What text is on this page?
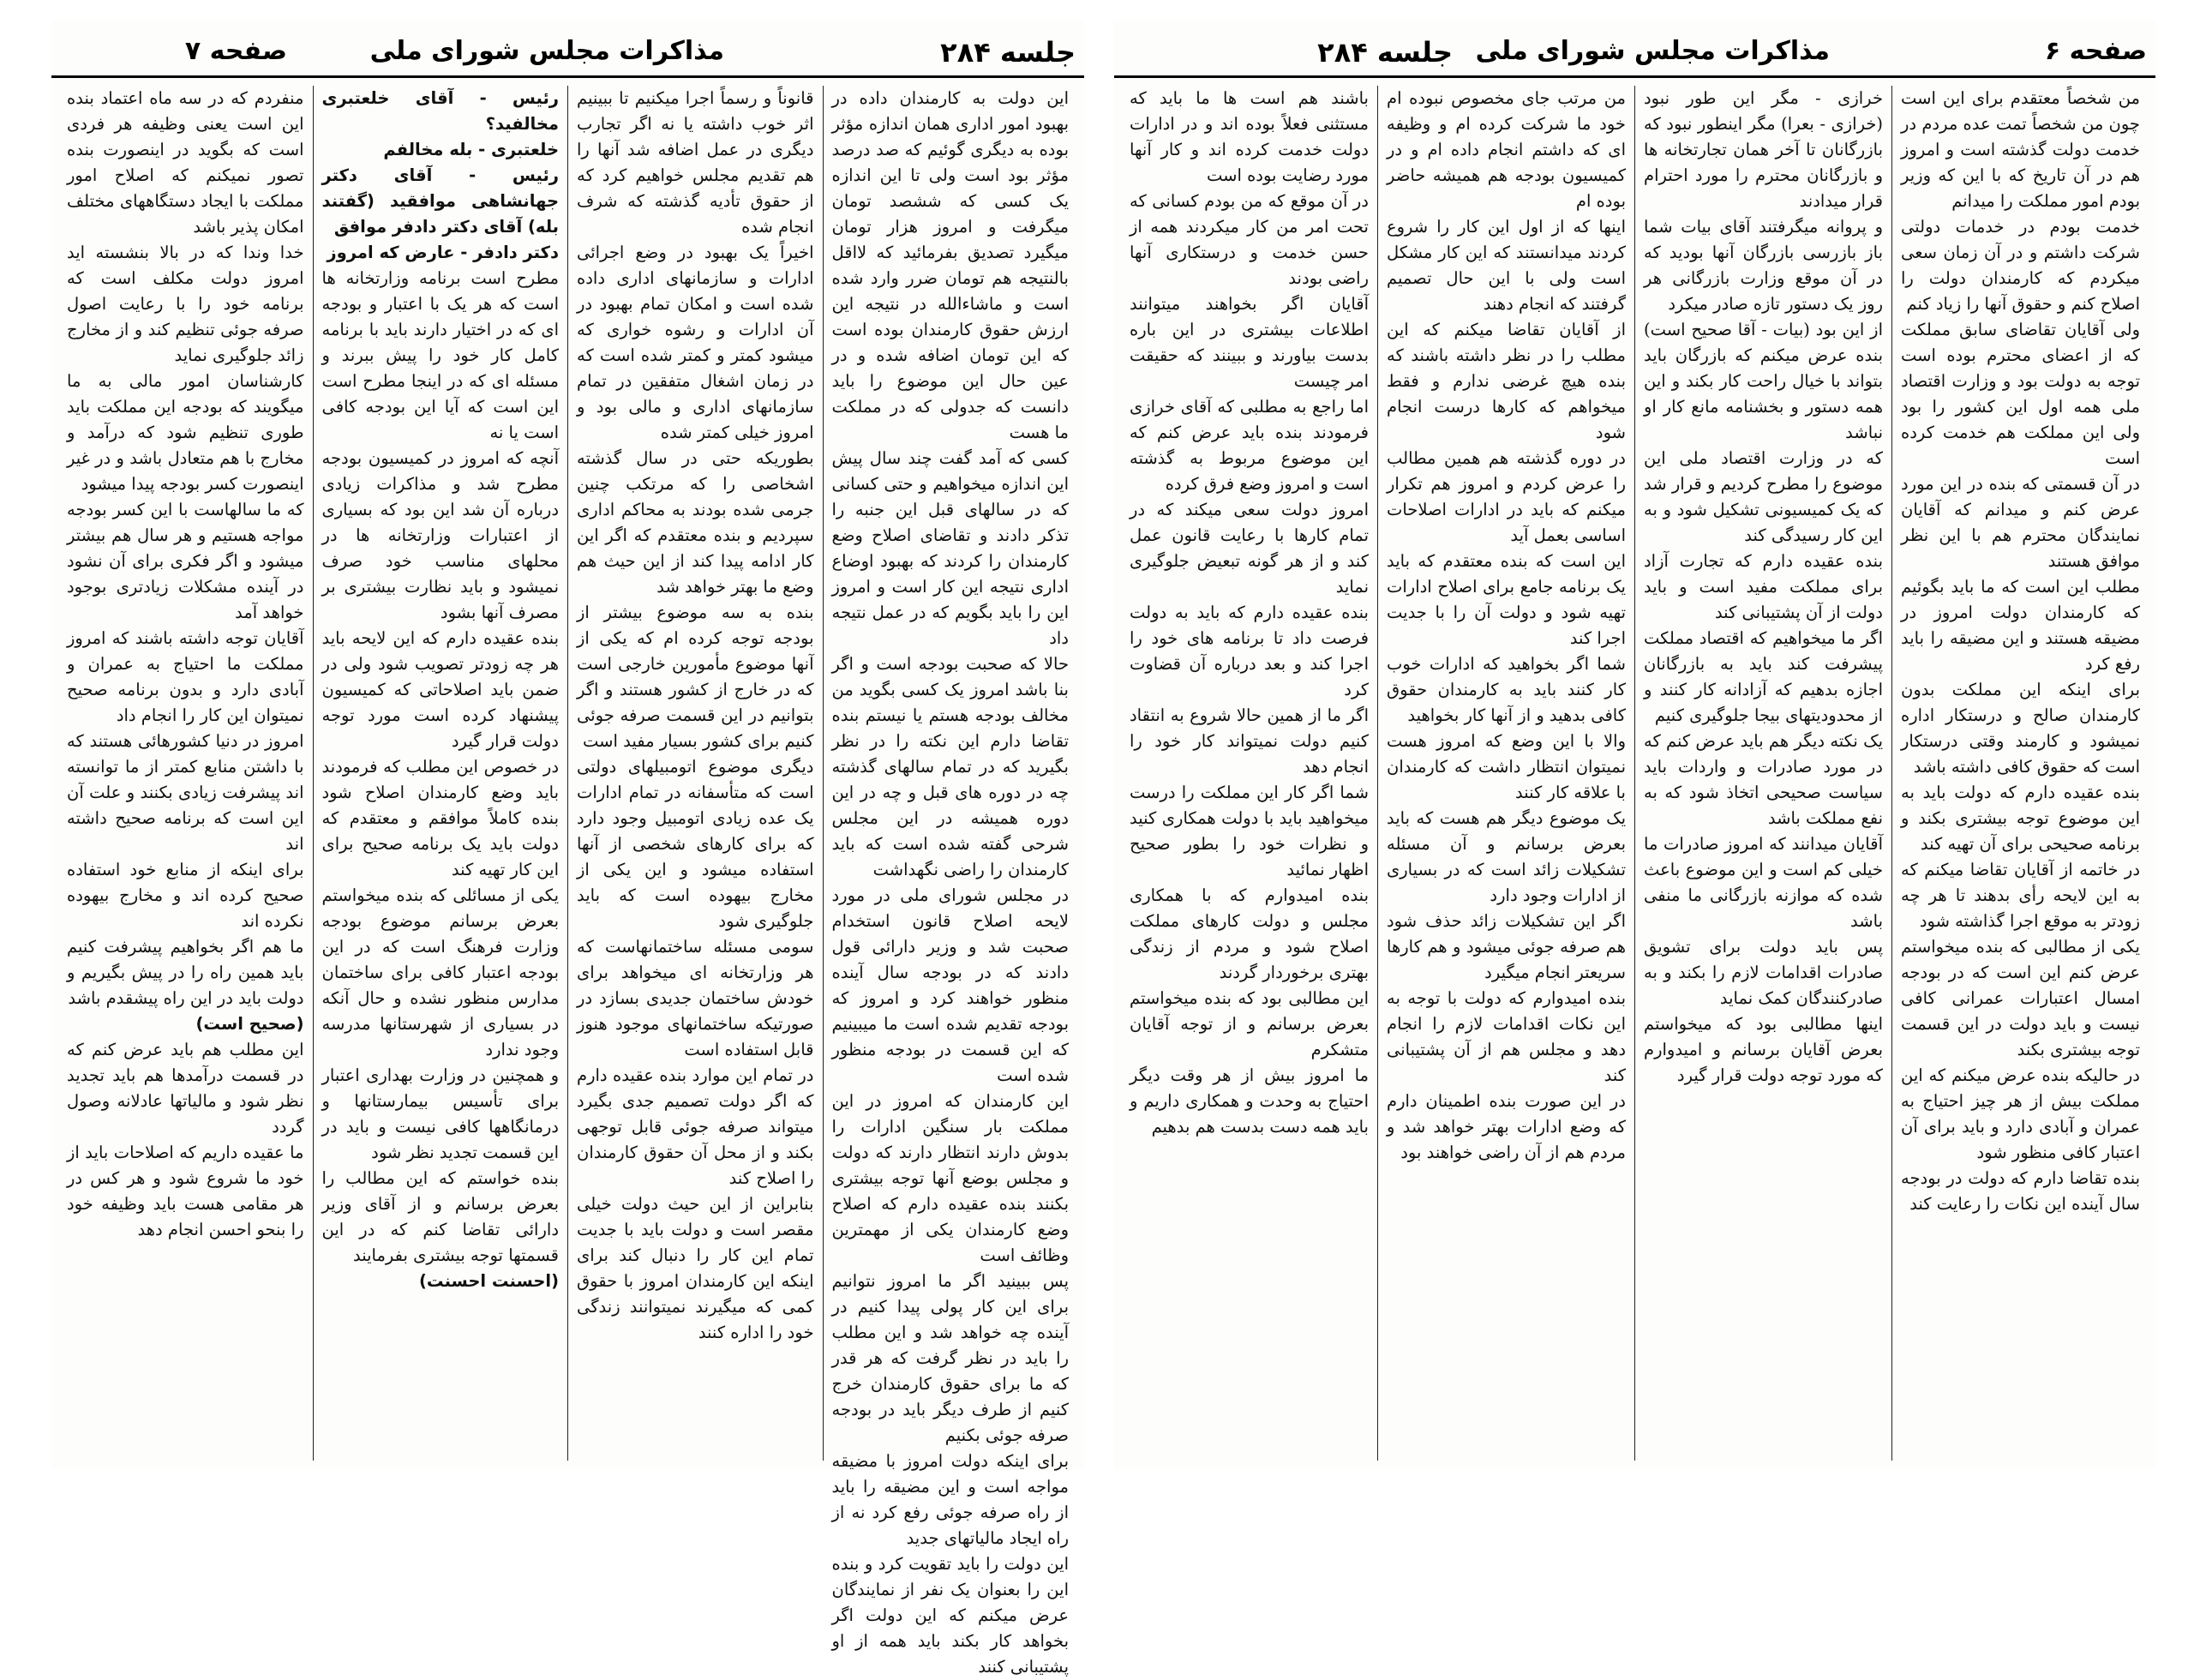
جلسه ۲۸۴
مذاکرات مجلس شورای ملی
صفحه ۷

این دولت به کارمندان داده در بهبود امور اداری همان اندازه مؤثر بوده به دیگری گوئیم که صد درصد مؤثر بود است ولی تا این اندازه یک کسی که ششصد تومان میگرفت و امروز هزار تومان میگیرد تصدیق بفرمائید که لااقل بالنتیجه هم تومان ضرر وارد شده است و ماشاءالله در نتیجه این ارزش حقوق کارمندان بوده است که این تومان اضافه شده و در عین حال این موضوع را باید دانست که جدولی که در مملکت ما هست

کسی که آمد گفت چند سال پیش این اندازه میخواهیم و حتی کسانی که در سالهای قبل این جنبه را تذکر دادند و تقاضای اصلاح وضع کارمندان را کردند که بهبود اوضاع اداری نتیجه این کار است و امروز این را باید بگویم که در عمل نتیجه داد

حالا که صحبت بودجه است و اگر بنا باشد امروز یک کسی بگوید من مخالف بودجه هستم یا نیستم بنده تقاضا دارم این نکته را در نظر بگیرید که در تمام سالهای گذشته چه در دوره های قبل و چه در این دوره همیشه در این مجلس شرحی گفته شده است که باید کارمندان را راضی نگهداشت

در مجلس شورای ملی در مورد لایحه اصلاح قانون استخدام صحبت شد و وزیر دارائی قول دادند که در بودجه سال آینده منظور خواهند کرد و امروز که بودجه تقدیم شده است ما میبینیم که این قسمت در بودجه منظور شده است

این کارمندان که امروز در این مملکت بار سنگین ادارات را بدوش دارند انتظار دارند که دولت و مجلس بوضع آنها توجه بیشتری بکنند بنده عقیده دارم که اصلاح وضع کارمندان یکی از مهمترین وظائف است

پس ببینید اگر ما امروز نتوانیم برای این کار پولی پیدا کنیم در آینده چه خواهد شد و این مطلب را باید در نظر گرفت که هر قدر که ما برای حقوق کارمندان خرج کنیم از طرف دیگر باید در بودجه صرفه جوئی بکنیم

برای اینکه دولت امروز با مضیقه مواجه است و این مضیقه را باید از راه صرفه جوئی رفع کرد نه از راه ایجاد مالیاتهای جدید

این دولت را باید تقویت کرد و بنده این را بعنوان یک نفر از نمایندگان عرض میکنم که این دولت اگر بخواهد کار بکند باید همه از او پشتیبانی کنند

قانوناً و رسماً اجرا میکنیم تا ببینیم اثر خوب داشته یا نه اگر تجارب دیگری در عمل اضافه شد آنها را هم تقدیم مجلس خواهیم کرد که از حقوق تأدیه گذشته که شرف انجام شده

اخیراً یک بهبود در وضع اجرائی ادارات و سازمانهای اداری داده شده است و امکان تمام بهبود در آن ادارات و رشوه خواری که میشود کمتر و کمتر شده است که در زمان اشغال متفقین در تمام سازمانهای اداری و مالی بود و امروز خیلی کمتر شده

بطوریکه حتی در سال گذشته اشخاصی را که مرتکب چنین جرمی شده بودند به محاکم اداری سپردیم و بنده معتقدم که اگر این کار ادامه پیدا کند از این حیث هم وضع ما بهتر خواهد شد

بنده به سه موضوع بیشتر از بودجه توجه کرده ام که یکی از آنها موضوع مأمورین خارجی است که در خارج از کشور هستند و اگر بتوانیم در این قسمت صرفه جوئی کنیم برای کشور بسیار مفید است

دیگری موضوع اتومبیلهای دولتی است که متأسفانه در تمام ادارات یک عده زیادی اتومبیل وجود دارد که برای کارهای شخصی از آنها استفاده میشود و این یکی از مخارج بیهوده است که باید جلوگیری شود

سومی مسئله ساختمانهاست که هر وزارتخانه ای میخواهد برای خودش ساختمان جدیدی بسازد در صورتیکه ساختمانهای موجود هنوز قابل استفاده است

در تمام این موارد بنده عقیده دارم که اگر دولت تصمیم جدی بگیرد میتواند صرفه جوئی قابل توجهی بکند و از محل آن حقوق کارمندان را اصلاح کند

بنابراین از این حیث دولت خیلی مقصر است و دولت باید با جدیت تمام این کار را دنبال کند برای اینکه این کارمندان امروز با حقوق کمی که میگیرند نمیتوانند زندگی خود را اداره کنند

رئیس - آقای خلعتبری مخالفید؟

خلعتبری - بله مخالفم

رئیس - آقای دکتر جهانشاهی موافقید (گفتند بله) آقای دکتر دادفر موافق

دکتر دادفر - عارض که امروز

مطرح است برنامه وزارتخانه ها است که هر یک با اعتبار و بودجه ای که در اختیار دارند باید با برنامه کامل کار خود را پیش ببرند و مسئله ای که در اینجا مطرح است این است که آیا این بودجه کافی است یا نه

آنچه که امروز در کمیسیون بودجه مطرح شد و مذاکرات زیادی درباره آن شد این بود که بسیاری از اعتبارات وزارتخانه ها در محلهای مناسب خود صرف نمیشود و باید نظارت بیشتری بر مصرف آنها بشود

بنده عقیده دارم که این لایحه باید هر چه زودتر تصویب شود ولی در ضمن باید اصلاحاتی که کمیسیون پیشنهاد کرده است مورد توجه دولت قرار گیرد

در خصوص این مطلب که فرمودند باید وضع کارمندان اصلاح شود بنده کاملاً موافقم و معتقدم که دولت باید یک برنامه صحیح برای این کار تهیه کند

یکی از مسائلی که بنده میخواستم بعرض برسانم موضوع بودجه وزارت فرهنگ است که در این بودجه اعتبار کافی برای ساختمان مدارس منظور نشده و حال آنکه در بسیاری از شهرستانها مدرسه وجود ندارد

و همچنین در وزارت بهداری اعتبار برای تأسیس بیمارستانها و درمانگاهها کافی نیست و باید در این قسمت تجدید نظر شود

بنده خواستم که این مطالب را بعرض برسانم و از آقای وزیر دارائی تقاضا کنم که در این قسمتها توجه بیشتری بفرمایند

(احسنت احسنت)

منفردم که در سه ماه اعتماد بنده این است یعنی وظیفه هر فردی است که بگوید در اینصورت بنده تصور نمیکنم که اصلاح امور مملکت با ایجاد دستگاههای مختلف امکان پذیر باشد

خدا وندا که در بالا بنشسته اید امروز دولت مکلف است که برنامه خود را با رعایت اصول صرفه جوئی تنظیم کند و از مخارج زائد جلوگیری نماید

کارشناسان امور مالی به ما میگویند که بودجه این مملکت باید طوری تنظیم شود که درآمد و مخارج با هم متعادل باشد و در غیر اینصورت کسر بودجه پیدا میشود

که ما سالهاست با این کسر بودجه مواجه هستیم و هر سال هم بیشتر میشود و اگر فکری برای آن نشود در آینده مشکلات زیادتری بوجود خواهد آمد

آقایان توجه داشته باشند که امروز مملکت ما احتیاج به عمران و آبادی دارد و بدون برنامه صحیح نمیتوان این کار را انجام داد

امروز در دنیا کشورهائی هستند که با داشتن منابع کمتر از ما توانسته اند پیشرفت زیادی بکنند و علت آن این است که برنامه صحیح داشته اند

برای اینکه از منابع خود استفاده صحیح کرده اند و مخارج بیهوده نکرده اند

ما هم اگر بخواهیم پیشرفت کنیم باید همین راه را در پیش بگیریم و دولت باید در این راه پیشقدم باشد

(صحیح است)

این مطلب هم باید عرض کنم که در قسمت درآمدها هم باید تجدید نظر شود و مالیاتها عادلانه وصول گردد

ما عقیده داریم که اصلاحات باید از خود ما شروع شود و هر کس در هر مقامی هست باید وظیفه خود را بنحو احسن انجام دهد

صفحه ۶
مذاکرات مجلس شورای ملی
جلسه ۲۸۴

من شخصاً معتقدم برای این است چون من شخصاً تمت عده مردم در خدمت دولت گذشته است و امروز هم در آن تاریخ که با این که وزیر بودم امور مملکت را میدانم

خدمت بودم در خدمات دولتی شرکت داشتم و در آن زمان سعی میکردم که کارمندان دولت را اصلاح کنم و حقوق آنها را زیاد کنم

ولی آقایان تقاضای سابق مملکت که از اعضای محترم بوده است توجه به دولت بود و وزارت اقتصاد ملی همه اول این کشور را بود ولی این مملکت هم خدمت کرده است

در آن قسمتی که بنده در این مورد عرض کنم و میدانم که آقایان نمایندگان محترم هم با این نظر موافق هستند

مطلب این است که ما باید بگوئیم که کارمندان دولت امروز در مضیقه هستند و این مضیقه را باید رفع کرد

برای اینکه این مملکت بدون کارمندان صالح و درستکار اداره نمیشود و کارمند وقتی درستکار است که حقوق کافی داشته باشد

بنده عقیده دارم که دولت باید به این موضوع توجه بیشتری بکند و برنامه صحیحی برای آن تهیه کند

در خاتمه از آقایان تقاضا میکنم که به این لایحه رأی بدهند تا هر چه زودتر به موقع اجرا گذاشته شود

یکی از مطالبی که بنده میخواستم عرض کنم این است که در بودجه امسال اعتبارات عمرانی کافی نیست و باید دولت در این قسمت توجه بیشتری بکند

در حالیکه بنده عرض میکنم که این مملکت بیش از هر چیز احتیاج به عمران و آبادی دارد و باید برای آن اعتبار کافی منظور شود

بنده تقاضا دارم که دولت در بودجه سال آینده این نکات را رعایت کند

خرازی - مگر این طور نبود (خرازی - بعرا) مگر اینطور نبود که بازرگانان تا آخر همان تجارتخانه ها و بازرگانان محترم را مورد احترام قرار میدادند

و پروانه میگرفتند آقای بیات شما باز بازرسی بازرگان آنها بودید که در آن موقع وزارت بازرگانی هر روز یک دستور تازه صادر میکرد

از این بود (بیات - آقا صحیح است) بنده عرض میکنم که بازرگان باید بتواند با خیال راحت کار بکند و این همه دستور و بخشنامه مانع کار او نباشد

که در وزارت اقتصاد ملی این موضوع را مطرح کردیم و قرار شد که یک کمیسیونی تشکیل شود و به این کار رسیدگی کند

بنده عقیده دارم که تجارت آزاد برای مملکت مفید است و باید دولت از آن پشتیبانی کند

اگر ما میخواهیم که اقتصاد مملکت پیشرفت کند باید به بازرگانان اجازه بدهیم که آزادانه کار کنند و از محدودیتهای بیجا جلوگیری کنیم

یک نکته دیگر هم باید عرض کنم که در مورد صادرات و واردات باید سیاست صحیحی اتخاذ شود که به نفع مملکت باشد

آقایان میدانند که امروز صادرات ما خیلی کم است و این موضوع باعث شده که موازنه بازرگانی ما منفی باشد

پس باید دولت برای تشویق صادرات اقدامات لازم را بکند و به صادرکنندگان کمک نماید

اینها مطالبی بود که میخواستم بعرض آقایان برسانم و امیدوارم که مورد توجه دولت قرار گیرد

من مرتب جای مخصوص نبوده ام خود ما شرکت کرده ام و وظیفه ای که داشتم انجام داده ام و در کمیسیون بودجه هم همیشه حاضر بوده ام

اینها که از اول این کار را شروع کردند میدانستند که این کار مشکل است ولی با این حال تصمیم گرفتند که انجام دهند

از آقایان تقاضا میکنم که این مطلب را در نظر داشته باشند که بنده هیچ غرضی ندارم و فقط میخواهم که کارها درست انجام شود

در دوره گذشته هم همین مطالب را عرض کردم و امروز هم تکرار میکنم که باید در ادارات اصلاحات اساسی بعمل آید

این است که بنده معتقدم که باید یک برنامه جامع برای اصلاح ادارات تهیه شود و دولت آن را با جدیت اجرا کند

شما اگر بخواهید که ادارات خوب کار کنند باید به کارمندان حقوق کافی بدهید و از آنها کار بخواهید

والا با این وضع که امروز هست نمیتوان انتظار داشت که کارمندان با علاقه کار کنند

یک موضوع دیگر هم هست که باید بعرض برسانم و آن مسئله تشکیلات زائد است که در بسیاری از ادارات وجود دارد

اگر این تشکیلات زائد حذف شود هم صرفه جوئی میشود و هم کارها سریعتر انجام میگیرد

بنده امیدوارم که دولت با توجه به این نکات اقدامات لازم را انجام دهد و مجلس هم از آن پشتیبانی کند

در این صورت بنده اطمینان دارم که وضع ادارات بهتر خواهد شد و مردم هم از آن راضی خواهند بود

باشند هم است ها ما باید که مستثنی فعلاً بوده اند و در ادارات دولت خدمت کرده اند و کار آنها مورد رضایت بوده است

در آن موقع که من بودم کسانی که تحت امر من کار میکردند همه از حسن خدمت و درستکاری آنها راضی بودند

آقایان اگر بخواهند میتوانند اطلاعات بیشتری در این باره بدست بیاورند و ببینند که حقیقت امر چیست

اما راجع به مطلبی که آقای خرازی فرمودند بنده باید عرض کنم که این موضوع مربوط به گذشته است و امروز وضع فرق کرده

امروز دولت سعی میکند که در تمام کارها با رعایت قانون عمل کند و از هر گونه تبعیض جلوگیری نماید

بنده عقیده دارم که باید به دولت فرصت داد تا برنامه های خود را اجرا کند و بعد درباره آن قضاوت کرد

اگر ما از همین حالا شروع به انتقاد کنیم دولت نمیتواند کار خود را انجام دهد

شما اگر کار این مملکت را درست میخواهید باید با دولت همکاری کنید و نظرات خود را بطور صحیح اظهار نمائید

بنده امیدوارم که با همکاری مجلس و دولت کارهای مملکت اصلاح شود و مردم از زندگی بهتری برخوردار گردند

این مطالبی بود که بنده میخواستم بعرض برسانم و از توجه آقایان متشکرم

ما امروز بیش از هر وقت دیگر احتیاج به وحدت و همکاری داریم و باید همه دست بدست هم بدهیم
